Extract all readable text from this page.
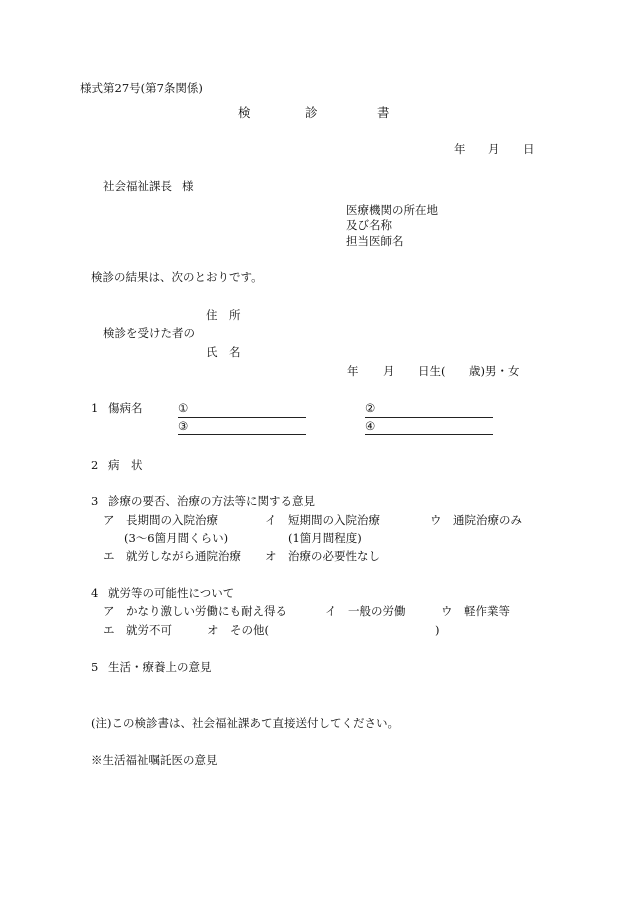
様式第27号(第7条関係)
検	診	書
年 月 日
社会福祉課長 様
医療機関の所在地
及び名称
担当医師名
検診の結果は、次のとおりです。
住　所
検診を受けた者の
氏　名
年 月 日生( 歳)男・女
1 傷病名	①	②
③	④
2 病　状
3 診療の要否、治療の方法等に関する意見
ア　長期間の入院治療	イ　短期間の入院治療	ウ　通院治療のみ
(3～6箇月間くらい)	(1箇月間程度)
エ　就労しながら通院治療 オ　治療の必要性なし
4 就労等の可能性について
ア　かなり激しい労働にも耐え得る	イ　一般の労働	ウ　軽作業等
エ　就労不可	オ　その他(	)
5 生活・療養上の意見
(注)この検診書は、社会福祉課あて直接送付してください。
※生活福祉嘱託医の意見
